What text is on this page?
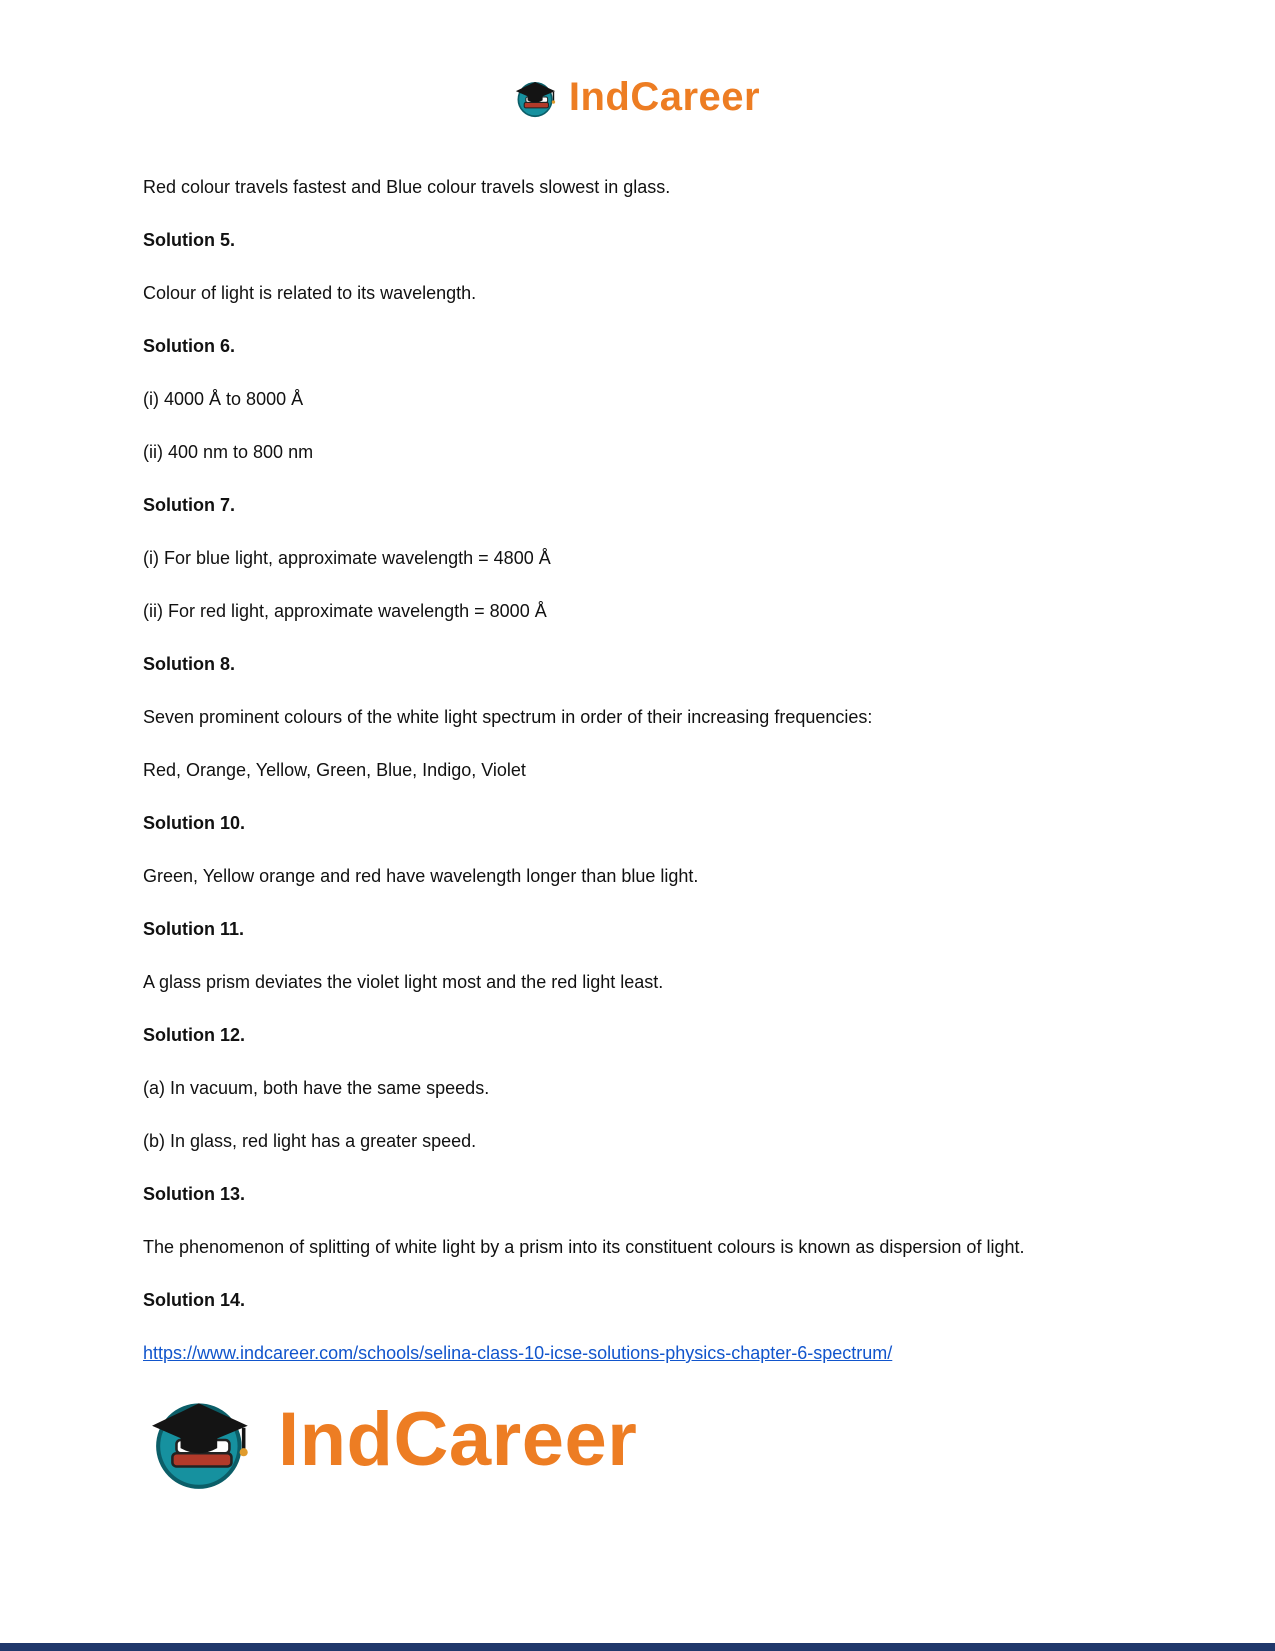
IndCareer

Red colour travels fastest and Blue colour travels slowest in glass.

Solution 5.

Colour of light is related to its wavelength.

Solution 6.

(i) 4000 Å to 8000 Å

(ii) 400 nm to 800 nm

Solution 7.

(i) For blue light, approximate wavelength = 4800 Å

(ii) For red light, approximate wavelength = 8000 Å

Solution 8.

Seven prominent colours of the white light spectrum in order of their increasing frequencies:

Red, Orange, Yellow, Green, Blue, Indigo, Violet

Solution 10.

Green, Yellow orange and red have wavelength longer than blue light.

Solution 11.

A glass prism deviates the violet light most and the red light least.

Solution 12.

(a) In vacuum, both have the same speeds.

(b) In glass, red light has a greater speed.

Solution 13.

The phenomenon of splitting of white light by a prism into its constituent colours is known as dispersion of light.

Solution 14.

https://www.indcareer.com/schools/selina-class-10-icse-solutions-physics-chapter-6-spectrum/

IndCareer
